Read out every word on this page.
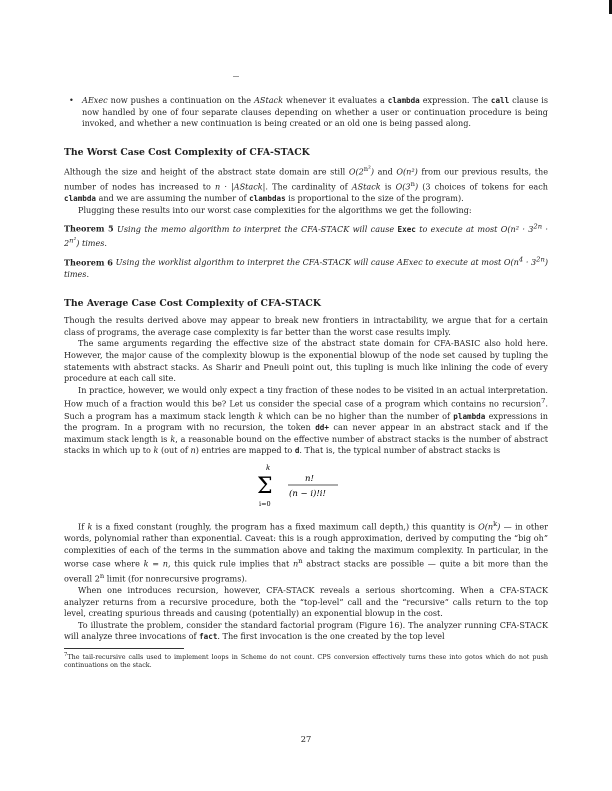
• AExec now pushes a continuation on the AStack whenever it evaluates a clambda expression. The call clause is now handled by one of four separate clauses depending on whether a user or continuation procedure is being invoked, and whether a new continuation is being created or an old one is being passed along.
The Worst Case Cost Complexity of CFA-STACK

Although the size and height of the abstract state domain are still $O(2^{n^2})$ and O(n²) from our previous results, the number of nodes has increased to n · |AStack|. The cardinality of AStack is O(3$^n$) (3 choices of tokens for each clambda and we are assuming the number of clambdas is proportional to the size of the program).

Plugging these results into our worst case complexities for the algorithms we get the following:

Theorem 5 Using the memo algorithm to interpret the CFA-STACK will cause Exec to execute at most $O(n^2 \cdot 3^{2n} \cdot 2^{n^2})$ times.

Theorem 6 Using the worklist algorithm to interpret the CFA-STACK will cause AExec to execute at most $O(n^4 \cdot 3^{2n})$ times.

The Average Case Cost Complexity of CFA-STACK

Though the results derived above may appear to break new frontiers in intractability, we argue that for a certain class of programs, the average case complexity is far better than the worst case results imply.

The same arguments regarding the effective size of the abstract state domain for CFA-BASIC also hold here. However, the major cause of the complexity blowup is the exponential blowup of the node set caused by tupling the statements with abstract stacks. As Sharir and Pneuli point out, this tupling is much like inlining the code of every procedure at each call site.

In practice, however, we would only expect a tiny fraction of these nodes to be visited in an actual interpretation. How much of a fraction would this be? Let us consider the special case of a program which contains no recursion$^7$. Such a program has a maximum stack length k which can be no higher than the number of plambda expressions in the program. In a program with no recursion, the token dd+ can never appear in an abstract stack and if the maximum stack length is k, a reasonable bound on the effective number of abstract stacks is the number of abstract stacks in which up to k (out of n) entries are mapped to d. That is, the typical number of abstract stacks is

k
Σ
i=0
n!
(n − i)!i!

If k is a fixed constant (roughly, the program has a fixed maximum call depth,) this quantity is $O(n^k)$ — in other words, polynomial rather than exponential. Caveat: this is a rough approximation, derived by computing the “big oh” complexities of each of the terms in the summation above and taking the maximum complexity. In particular, in the worse case where k = n, this quick rule implies that $n^n$ abstract stacks are possible — quite a bit more than the overall 2$^n$ limit (for nonrecursive programs).

When one introduces recursion, however, CFA-STACK reveals a serious shortcoming. When a CFA-STACK analyzer returns from a recursive procedure, both the “top-level” call and the “recursive” calls return to the top level, creating spurious threads and causing (potentially) an exponential blowup in the cost.

To illustrate the problem, consider the standard factorial program (Figure 16). The analyzer running CFA-STACK will analyze three invocations of fact. The first invocation is the one created by the top level

$^7$The tail-recursive calls used to implement loops in Scheme do not count. CPS conversion effectively turns these into gotos which do not push continuations on the stack.

27
